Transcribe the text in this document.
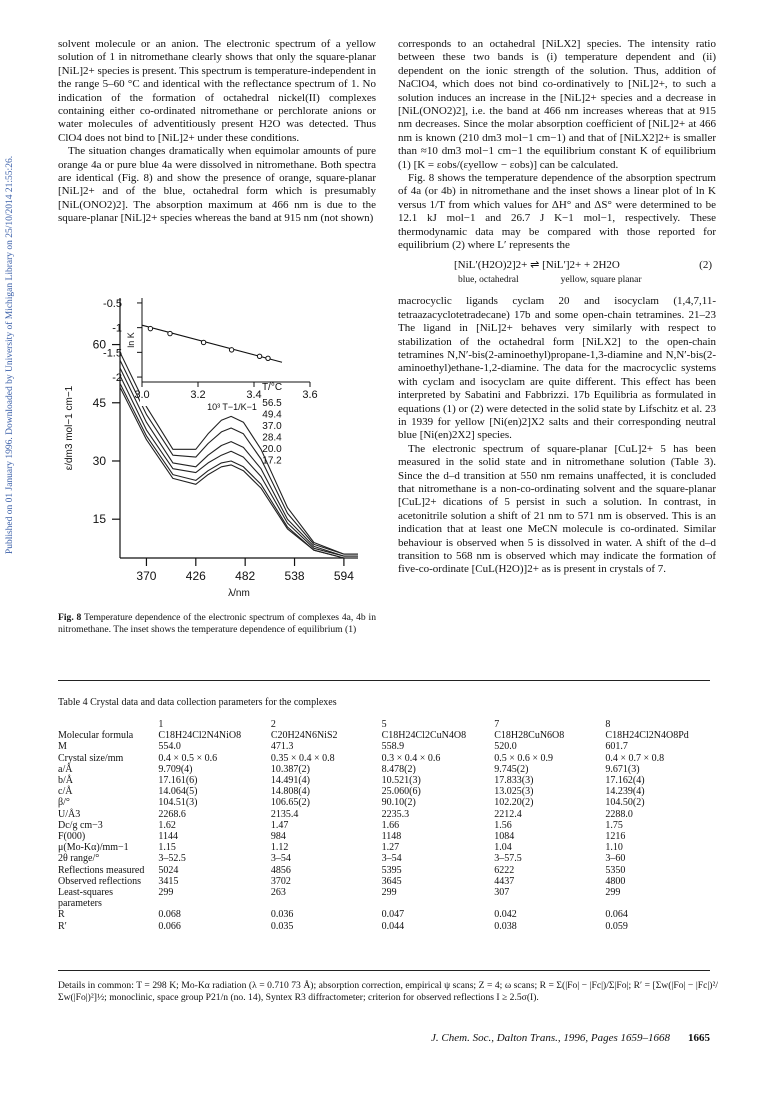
Published on 01 January 1996. Downloaded by University of Michigan Library on 25/10/2014 21:55:26.

solvent molecule or an anion. The electronic spectrum of a yellow solution of 1 in nitromethane clearly shows that only the square-planar [NiL]2+ species is present. This spectrum is temperature-independent in the range 5–60 °C and identical with the reflectance spectrum of 1. No indication of the formation of octahedral nickel(II) complexes containing either co-ordinated nitromethane or perchlorate anions or water molecules of adventitiously present H2O was detected. Thus ClO4 does not bind to [NiL]2+ under these conditions.

The situation changes dramatically when equimolar amounts of pure orange 4a or pure blue 4a were dissolved in nitromethane. Both spectra are identical (Fig. 8) and show the presence of orange, square-planar [NiL]2+ and of the blue, octahedral form which is presumably [NiL(ONO2)2]. The absorption maximum at 466 nm is due to the square-planar [NiL]2+ species whereas the band at 915 nm (not shown)

corresponds to an octahedral [NiLX2] species. The intensity ratio between these two bands is (i) temperature dependent and (ii) dependent on the ionic strength of the solution. Thus, addition of NaClO4, which does not bind co-ordinatively to [NiL]2+, to such a solution induces an increase in the [NiL]2+ species and a decrease in [NiL(ONO2)2], i.e. the band at 466 nm increases whereas that at 915 nm decreases. Since the molar absorption coefficient of [NiL]2+ at 466 nm is known (210 dm3 mol−1 cm−1) and that of [NiLX2]2+ is smaller than ≈10 dm3 mol−1 cm−1 the equilibrium constant K of equilibrium (1) [K = εobs/(εyellow − εobs)] can be calculated.

Fig. 8 shows the temperature dependence of the absorption spectrum of 4a (or 4b) in nitromethane and the inset shows a linear plot of ln K versus 1/T from which values for ΔH° and ΔS° were determined to be 12.1 kJ mol−1 and 26.7 J K−1 mol−1, respectively. These thermodynamic data may be compared with those reported for equilibrium (2) where L′ represents the

[NiL′(H2O)2]2+ ⇌ [NiL′]2+ + 2H2O	(2)
blue, octahedral	yellow, square planar

macrocyclic ligands cyclam 20 and isocyclam (1,4,7,11-tetraazacyclotetradecane) 17b and some open-chain tetramines. 21–23 The ligand in [NiL]2+ behaves very similarly with respect to stabilization of the octahedral form [NiLX2] to the open-chain tetramines N,N′-bis(2-aminoethyl)propane-1,3-diamine and N,N′-bis(2-aminoethyl)ethane-1,2-diamine. The data for the macrocyclic systems with cyclam and isocyclam are quite different. This effect has been interpreted by Sabatini and Fabbrizzi. 17b Equilibria as formulated in equations (1) or (2) were detected in the solid state by Lifschitz et al. 23 in 1939 for yellow [Ni(en)2]X2 salts and their corresponding neutral blue [Ni(en)2X2] species.

The electronic spectrum of square-planar [CuL]2+ 5 has been measured in the solid state and in nitromethane solution (Table 3). Since the d–d transition at 550 nm remains unaffected, it is concluded that nitromethane is a non-co-ordinating solvent and the square-planar [CuL]2+ dications of 5 persist in such a solution. In contrast, in acetonitrile solution a shift of 21 nm to 571 nm is observed. This is an indication that at least one MeCN molecule is co-ordinated. Similar behaviour is observed when 5 is dissolved in water. A shift of the d–d transition to 568 nm is observed which may indicate the formation of five-co-ordinate [CuL(H2O)]2+ as is present in crystals of 7.

15
30
45
60
370 426 482 538 594
λ/nm
ε/dm3 mol−1 cm−1
-0.5
-1
-1.5
-2
3.0	3.2	3.4	3.6
10³ T−1/K−1
ln K
T/°C
56.5
49.4
37.0
28.4
20.0
17.2
Fig. 8 Temperature dependence of the electronic spectrum of complexes 4a, 4b in nitromethane. The inset shows the temperature dependence of equilibrium (1)
Table 4 Crystal data and data collection parameters for the complexes
	1	2	5	7	8
Molecular formula	C18H24Cl2N4NiO8	C20H24N6NiS2	C18H24Cl2CuN4O8	C18H28CuN6O8	C18H24Cl2N4O8Pd
M	554.0	471.3	558.9	520.0	601.7
Crystal size/mm	0.4 × 0.5 × 0.6	0.35 × 0.4 × 0.8	0.3 × 0.4 × 0.6	0.5 × 0.6 × 0.9	0.4 × 0.7 × 0.8
a/Å	9.709(4)	10.387(2)	8.478(2)	9.745(2)	9.671(3)
b/Å	17.161(6)	14.491(4)	10.521(3)	17.833(3)	17.162(4)
c/Å	14.064(5)	14.808(4)	25.060(6)	13.025(3)	14.239(4)
β/°	104.51(3)	106.65(2)	90.10(2)	102.20(2)	104.50(2)
U/Å3	2268.6	2135.4	2235.3	2212.4	2288.0
Dc/g cm−3	1.62	1.47	1.66	1.56	1.75
F(000)	1144	984	1148	1084	1216
μ(Mo-Kα)/mm−1	1.15	1.12	1.27	1.04	1.10
2θ range/°	3–52.5	3–54	3–54	3–57.5	3–60
Reflections measured	5024	4856	5395	6222	5350
Observed reflections	3415	3702	3645	4437	4800
Least-squares	299	263	299	307	299
parameters					
R	0.068	0.036	0.047	0.042	0.064
R′	0.066	0.035	0.044	0.038	0.059
Details in common: T = 298 K; Mo-Kα radiation (λ = 0.710 73 Å); absorption correction, empirical ψ scans; Z = 4; ω scans; R = Σ(|Fo| − |Fc|)/Σ|Fo|; R′ = [Σw(|Fo| − |Fc|)²/Σw(|Fo|)²]½; monoclinic, space group P21/n (no. 14), Syntex R3 diffractometer; criterion for observed reflections I ≥ 2.5σ(I).
J. Chem. Soc., Dalton Trans., 1996, Pages 1659–1668 1665
